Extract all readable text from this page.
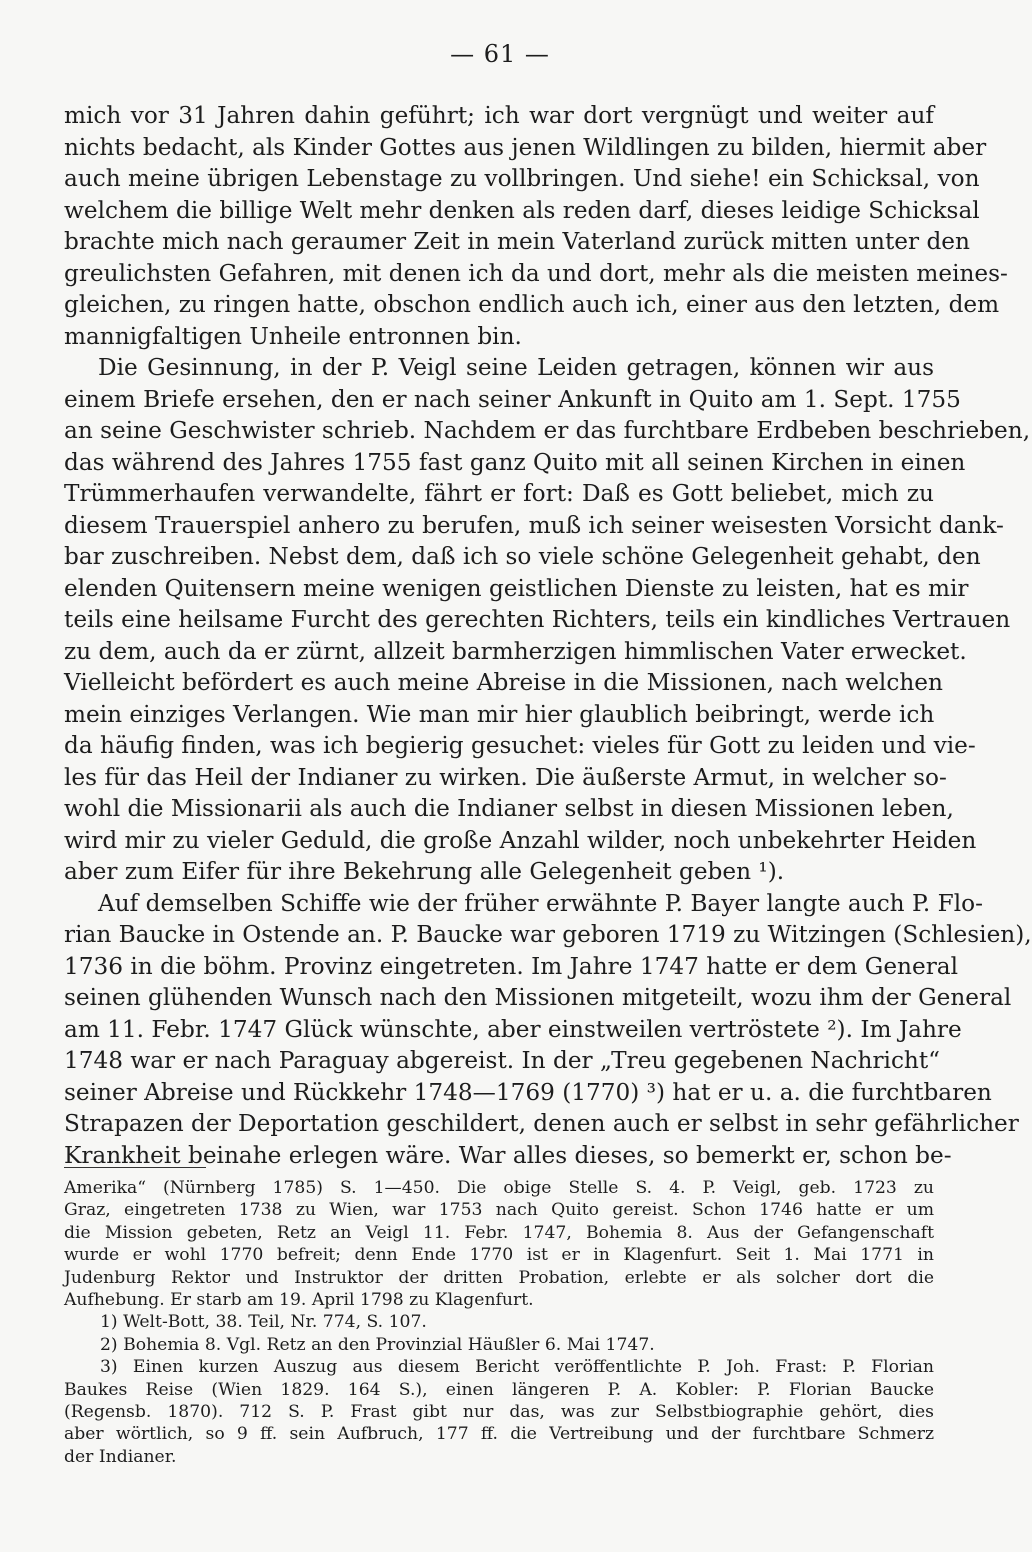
— 61 —
mich vor 31 Jahren dahin geführt; ich war dort vergnügt und weiter auf
nichts bedacht, als Kinder Gottes aus jenen Wildlingen zu bilden, hiermit aber
auch meine übrigen Lebenstage zu vollbringen. Und siehe! ein Schicksal, von
welchem die billige Welt mehr denken als reden darf, dieses leidige Schicksal
brachte mich nach geraumer Zeit in mein Vaterland zurück mitten unter den
greulichsten Gefahren, mit denen ich da und dort, mehr als die meisten meines-
gleichen, zu ringen hatte, obschon endlich auch ich, einer aus den letzten, dem
mannigfaltigen Unheile entronnen bin.
Die Gesinnung, in der P. Veigl seine Leiden getragen, können wir aus
einem Briefe ersehen, den er nach seiner Ankunft in Quito am 1. Sept. 1755
an seine Geschwister schrieb. Nachdem er das furchtbare Erdbeben beschrieben,
das während des Jahres 1755 fast ganz Quito mit all seinen Kirchen in einen
Trümmerhaufen verwandelte, fährt er fort: Daß es Gott beliebet, mich zu
diesem Trauerspiel anhero zu berufen, muß ich seiner weisesten Vorsicht dank-
bar zuschreiben. Nebst dem, daß ich so viele schöne Gelegenheit gehabt, den
elenden Quitensern meine wenigen geistlichen Dienste zu leisten, hat es mir
teils eine heilsame Furcht des gerechten Richters, teils ein kindliches Vertrauen
zu dem, auch da er zürnt, allzeit barmherzigen himmlischen Vater erwecket.
Vielleicht befördert es auch meine Abreise in die Missionen, nach welchen
mein einziges Verlangen. Wie man mir hier glaublich beibringt, werde ich
da häufig finden, was ich begierig gesuchet: vieles für Gott zu leiden und vie-
les für das Heil der Indianer zu wirken. Die äußerste Armut, in welcher so-
wohl die Missionarii als auch die Indianer selbst in diesen Missionen leben,
wird mir zu vieler Geduld, die große Anzahl wilder, noch unbekehrter Heiden
aber zum Eifer für ihre Bekehrung alle Gelegenheit geben ¹).
Auf demselben Schiffe wie der früher erwähnte P. Bayer langte auch P. Flo-
rian Baucke in Ostende an. P. Baucke war geboren 1719 zu Witzingen (Schlesien),
1736 in die böhm. Provinz eingetreten. Im Jahre 1747 hatte er dem General
seinen glühenden Wunsch nach den Missionen mitgeteilt, wozu ihm der General
am 11. Febr. 1747 Glück wünschte, aber einstweilen vertröstete ²). Im Jahre
1748 war er nach Paraguay abgereist. In der „Treu gegebenen Nachricht“
seiner Abreise und Rückkehr 1748—1769 (1770) ³) hat er u. a. die furchtbaren
Strapazen der Deportation geschildert, denen auch er selbst in sehr gefährlicher
Krankheit beinahe erlegen wäre. War alles dieses, so bemerkt er, schon be-
Amerika“ (Nürnberg 1785) S. 1—450. Die obige Stelle S. 4. P. Veigl, geb. 1723 zu
Graz, eingetreten 1738 zu Wien, war 1753 nach Quito gereist. Schon 1746 hatte er um
die Mission gebeten, Retz an Veigl 11. Febr. 1747, Bohemia 8. Aus der Gefangenschaft
wurde er wohl 1770 befreit; denn Ende 1770 ist er in Klagenfurt. Seit 1. Mai 1771 in
Judenburg Rektor und Instruktor der dritten Probation, erlebte er als solcher dort die
Aufhebung. Er starb am 19. April 1798 zu Klagenfurt.
1) Welt-Bott, 38. Teil, Nr. 774, S. 107.
2) Bohemia 8. Vgl. Retz an den Provinzial Häußler 6. Mai 1747.
3) Einen kurzen Auszug aus diesem Bericht veröffentlichte P. Joh. Frast: P. Florian
Baukes Reise (Wien 1829. 164 S.), einen längeren P. A. Kobler: P. Florian Baucke
(Regensb. 1870). 712 S. P. Frast gibt nur das, was zur Selbstbiographie gehört, dies
aber wörtlich, so 9 ff. sein Aufbruch, 177 ff. die Vertreibung und der furchtbare Schmerz
der Indianer.
